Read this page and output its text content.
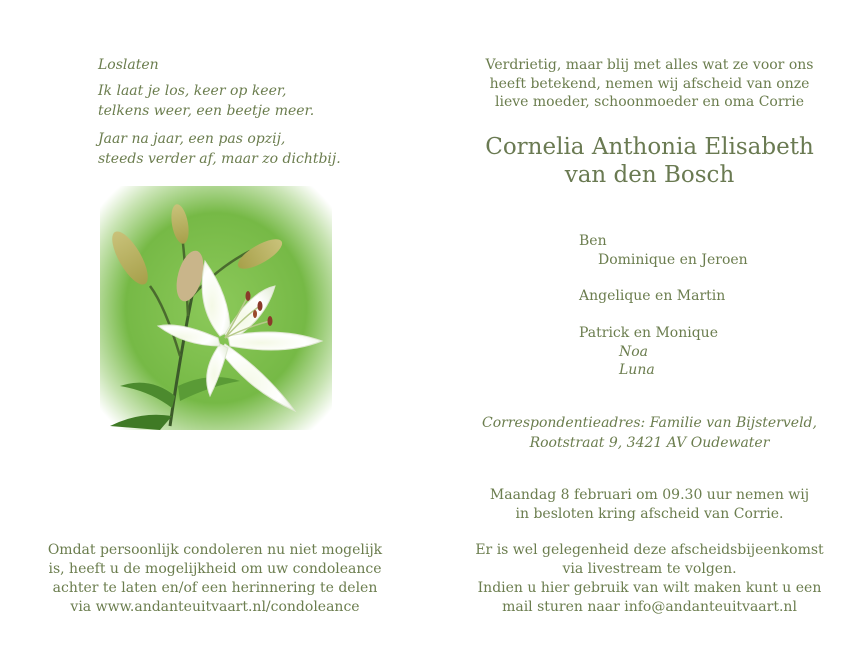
Loslaten
Ik laat je los, keer op keer,
telkens weer, een beetje meer.
Jaar na jaar, een pas opzij,
steeds verder af, maar zo dichtbij.
Omdat persoonlijk condoleren nu niet mogelijk
is, heeft u de mogelijkheid om uw condoleance
achter te laten en/of een herinnering te delen
via www.andanteuitvaart.nl/condoleance
Verdrietig, maar blij met alles wat ze voor ons
heeft betekend, nemen wij afscheid van onze
lieve moeder, schoonmoeder en oma Corrie
Cornelia Anthonia Elisabeth
van den Bosch
Ben
Dominique en Jeroen
Angelique en Martin
Patrick en Monique
Noa
Luna
Correspondentieadres: Familie van Bijsterveld,
Rootstraat 9, 3421 AV Oudewater
Maandag 8 februari om 09.30 uur nemen wij
in besloten kring afscheid van Corrie.
Er is wel gelegenheid deze afscheidsbijeenkomst
via livestream te volgen.
Indien u hier gebruik van wilt maken kunt u een
mail sturen naar info@andanteuitvaart.nl
